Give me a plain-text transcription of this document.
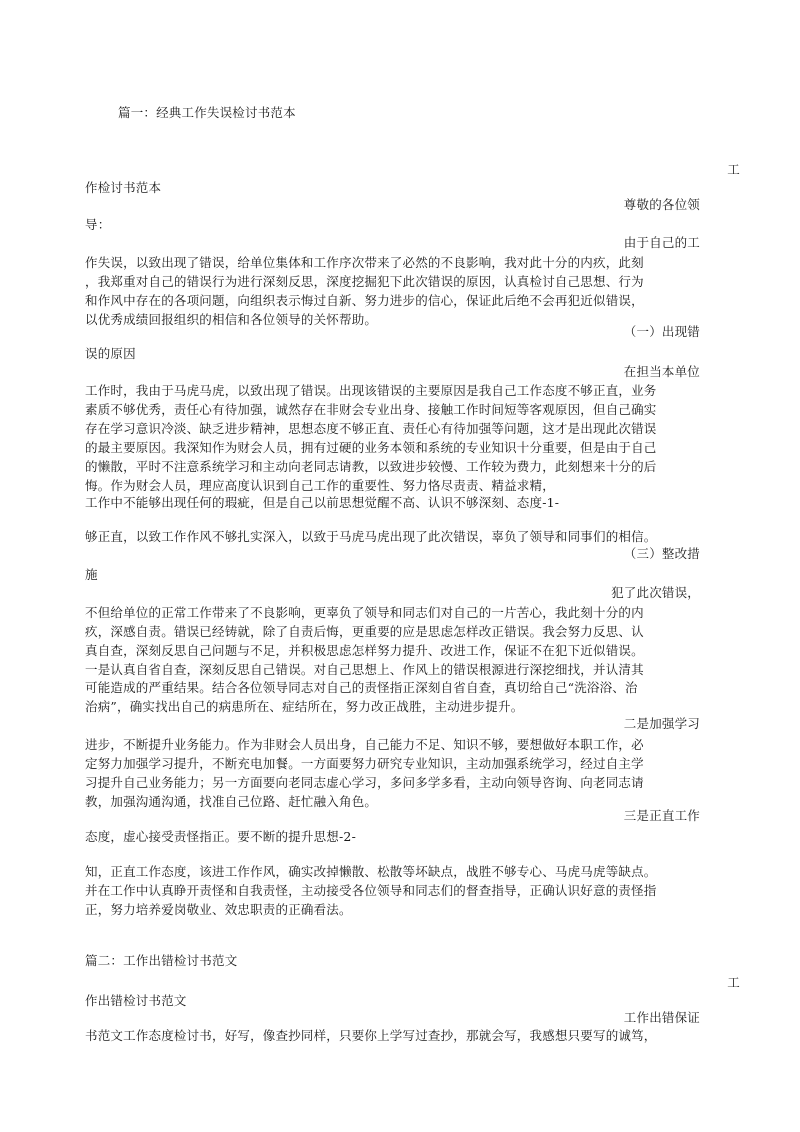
篇一：经典工作失误检讨书范本
工
作检讨书范本
尊敬的各位领
导：
由于自己的工
作失误，以致出现了错误，给单位集体和工作序次带来了必然的不良影响，我对此十分的内疚，此刻
，我郑重对自己的错误行为进行深刻反思，深度挖掘犯下此次错误的原因，认真检讨自己思想、行为
和作风中存在的各项问题，向组织表示悔过自新、努力进步的信心，保证此后绝不会再犯近似错误，
以优秀成绩回报组织的相信和各位领导的关怀帮助。
（一）出现错
误的原因
在担当本单位
工作时，我由于马虎马虎，以致出现了错误。出现该错误的主要原因是我自己工作态度不够正直，业务
素质不够优秀，责任心有待加强，诚然存在非财会专业出身、接触工作时间短等客观原因，但自己确实
存在学习意识冷淡、缺乏进步精神，思想态度不够正直、责任心有待加强等问题，这才是出现此次错误
的最主要原因。我深知作为财会人员，拥有过硬的业务本领和系统的专业知识十分重要，但是由于自己
的懒散，平时不注意系统学习和主动向老同志请教，以致进步较慢、工作较为费力，此刻想来十分的后
悔。作为财会人员，理应高度认识到自己工作的重要性、努力恪尽责责、精益求精，
工作中不能够出现任何的瑕疵，但是自己以前思想觉醒不高、认识不够深刻、态度-1-
够正直，以致工作作风不够扎实深入，以致于马虎马虎出现了此次错误，辜负了领导和同事们的相信。
（三）整改措
施
犯了此次错误，
不但给单位的正常工作带来了不良影响，更辜负了领导和同志们对自己的一片苦心，我此刻十分的内
疚，深感自责。错误已经铸就，除了自责后悔，更重要的应是思虑怎样改正错误。我会努力反思、认
真自查，深刻反思自己问题与不足，并积极思虑怎样努力提升、改进工作，保证不在犯下近似错误。
一是认真自省自查，深刻反思自己错误。对自己思想上、作风上的错误根源进行深挖细找，并认清其
可能造成的严重结果。结合各位领导同志对自己的责怪指正深刻自省自查，真切给自己“洗浴浴、治
治病”，确实找出自己的病患所在、症结所在，努力改正战胜，主动进步提升。
二是加强学习
进步，不断提升业务能力。作为非财会人员出身，自己能力不足、知识不够，要想做好本职工作，必
定努力加强学习提升，不断充电加餐。一方面要努力研究专业知识，主动加强系统学习，经过自主学
习提升自己业务能力；另一方面要向老同志虚心学习，多问多学多看，主动向领导咨询、向老同志请
教，加强沟通沟通，找准自己位路、赶忙融入角色。
三是正直工作
态度，虚心接受责怪指正。要不断的提升思想-2-
知，正直工作态度，该进工作作风，确实改掉懒散、松散等坏缺点，战胜不够专心、马虎马虎等缺点。
并在工作中认真睁开责怪和自我责怪，主动接受各位领导和同志们的督查指导，正确认识好意的责怪指
正，努力培养爱岗敬业、效忠职责的正确看法。
篇二：工作出错检讨书范文
工
作出错检讨书范文
工作出错保证
书范文工作态度检讨书，好写，像查抄同样，只要你上学写过查抄，那就会写，我感想只要写的诚笃，
